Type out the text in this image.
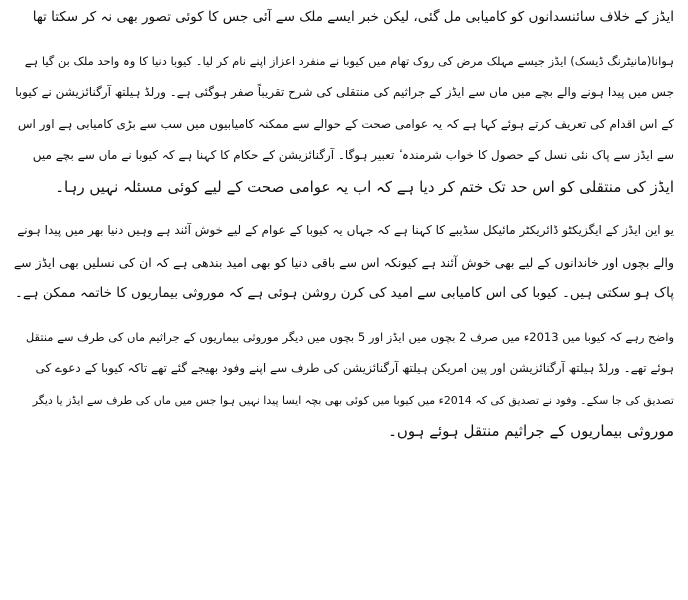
ایڈز کے خلاف سائنسدانوں کو کامیابی مل گئی، لیکن خبر ایسے ملک سے آئی جس کا کوئی تصور بھی نہ کر سکتا تھا

ہوانا(مانیٹرنگ ڈیسک) ایڈز جیسے مہلک مرض کی روک تھام میں کیوبا نے منفرد اعزاز اپنے نام کر لیا۔ کیوبا دنیا کا وہ واحد ملک بن گیا ہے
جس میں پیدا ہونے والے بچے میں ماں سے ایڈز کے جراثیم کی منتقلی کی شرح تقریباً صفر ہوگئی ہے۔ ورلڈ ہیلتھ آرگنائزیشن نے کیوبا
کے اس اقدام کی تعریف کرتے ہوئے کہا ہے کہ یہ عوامی صحت کے حوالے سے ممکنہ کامیابیوں میں سب سے بڑی کامیابی ہے اور اس
سے ایڈز سے پاک نئی نسل کے حصول کا خواب شرمندہ ٔ تعبیر ہوگا۔ آرگنائزیشن کے حکام کا کہنا ہے کہ کیوبا نے ماں سے بچے میں
ایڈز کی منتقلی کو اس حد تک ختم کر دیا ہے کہ اب یہ عوامی صحت کے لیے کوئی مسئلہ نہیں رہا۔

یو این ایڈز کے ایگزیکٹو ڈائریکٹر مائیکل سڈیبے کا کہنا ہے کہ جہاں یہ کیوبا کے عوام کے لیے خوش آئند ہے وہیں دنیا بھر میں پیدا ہونے
والے بچوں اور خاندانوں کے لیے بھی خوش آئند ہے کیونکہ اس سے باقی دنیا کو بھی امید بندھی ہے کہ ان کی نسلیں بھی ایڈز سے
پاک ہو سکتی ہیں۔ کیوبا کی اس کامیابی سے امید کی کرن روشن ہوئی ہے کہ موروثی بیماریوں کا خاتمہ ممکن ہے۔

واضح رہے کہ کیوبا میں 2013ء میں صرف 2 بچوں میں ایڈز اور 5 بچوں میں دیگر موروثی بیماریوں کے جراثیم ماں کی طرف سے منتقل
ہوئے تھے۔ ورلڈ ہیلتھ آرگنائزیشن اور پین امریکن ہیلتھ آرگنائزیشن کی طرف سے اپنے وفود بھیجے گئے تھے تاکہ کیوبا کے دعوے کی
تصدیق کی جا سکے۔ وفود نے تصدیق کی کہ 2014ء میں کیوبا میں کوئی بھی بچہ ایسا پیدا نہیں ہوا جس میں ماں کی طرف سے ایڈز یا دیگر
موروثی بیماریوں کے جراثیم منتقل ہوئے ہوں۔
